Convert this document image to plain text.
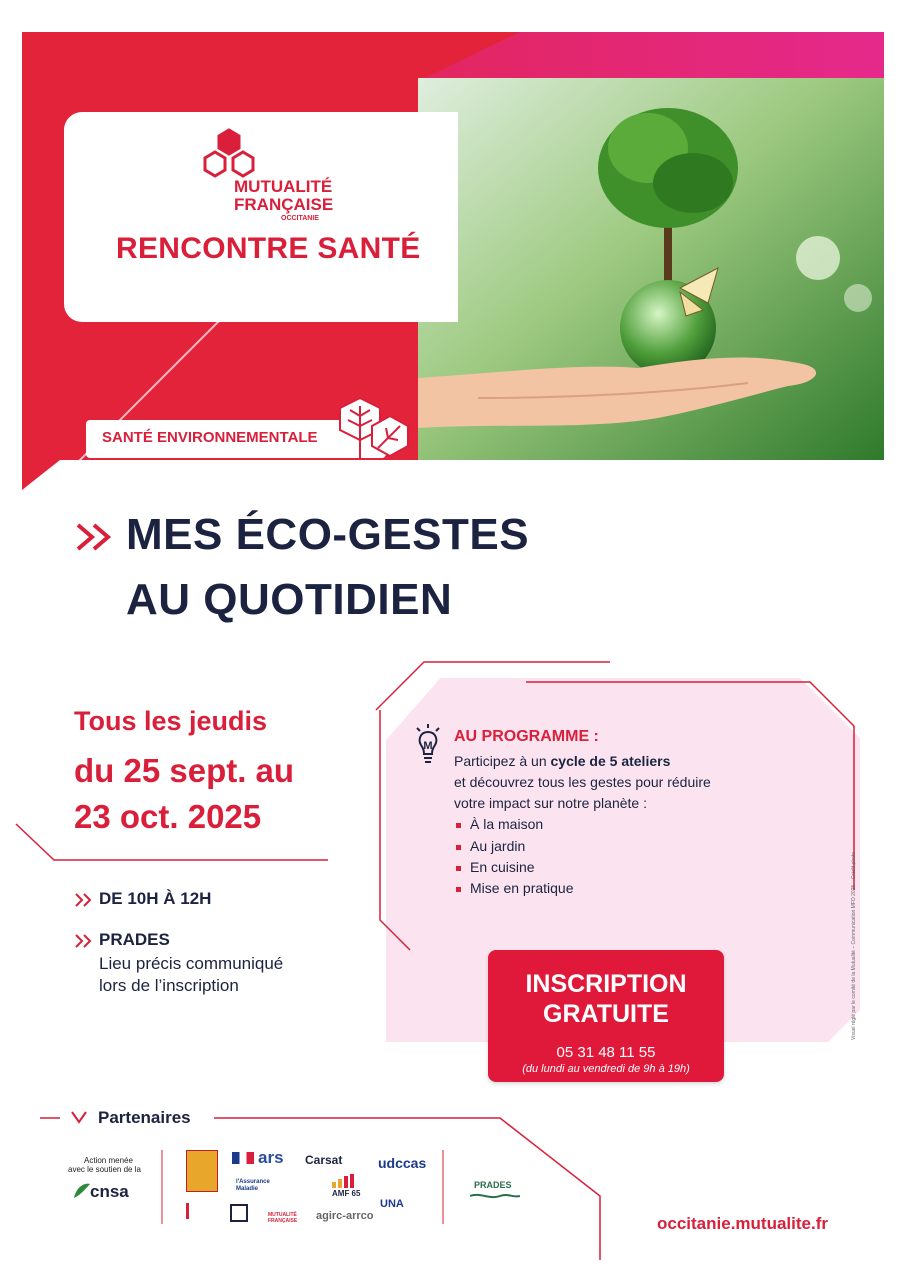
MUTUALITÉ
FRANÇAISE
OCCITANIE
RENCONTRE SANTÉ
SANTÉ ENVIRONNEMENTALE
MES ÉCO-GESTES
AU QUOTIDIEN
Tous les jeudis
du 25 sept. au
23 oct. 2025
DE 10H À 12H
PRADES
Lieu précis communiqué
lors de l’inscription
M
AU PROGRAMME :
Participez à un cycle de 5 ateliers
et découvrez tous les gestes pour réduire
votre impact sur notre planète :
À la maison
Au jardin
En cuisine
Mise en pratique	Visuel réglé par le comité de la Mutualité – Communication MFO 2025 – Crédit photo
INSCRIPTION
GRATUITE
05 31 48 11 55
(du lundi au vendredi de 9h à 19h)
Partenaires
Action menée
avec le soutien de la
cnsa
ars Carsat	udccas
l'Assurance Maladie	AMF 65
MUTUALITÉ FRANÇAISE	agirc-arrco
UNA
PRADES
occitanie.mutualite.fr
